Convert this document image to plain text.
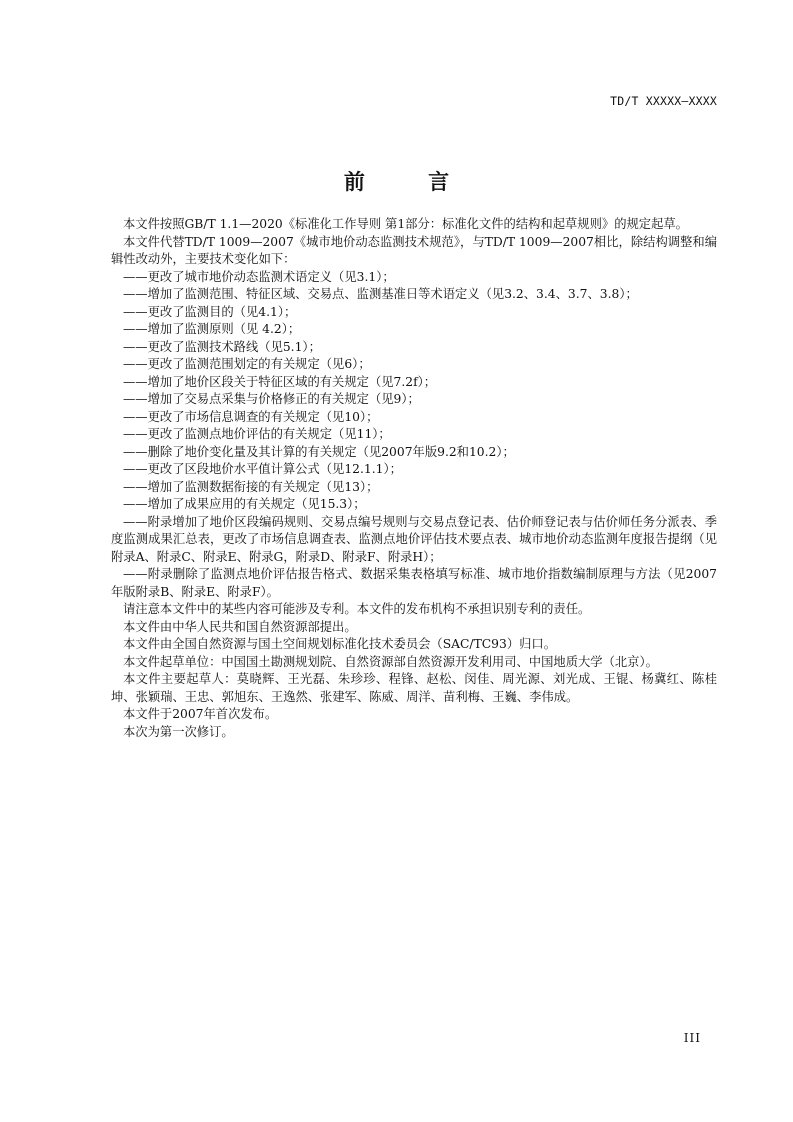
TD/T XXXXX—XXXX
前 言

本文件按照GB/T 1.1—2020《标准化工作导则 第1部分：标准化文件的结构和起草规则》的规定起草。

本文件代替TD/T 1009—2007《城市地价动态监测技术规范》，与TD/T 1009—2007相比，除结构调整和编辑性改动外，主要技术变化如下：

——更改了城市地价动态监测术语定义（见3.1）；

——增加了监测范围、特征区域、交易点、监测基准日等术语定义（见3.2、3.4、3.7、3.8）；

——更改了监测目的（见4.1）；

——增加了监测原则（见 4.2）；

——更改了监测技术路线（见5.1）；

——更改了监测范围划定的有关规定（见6）；

——增加了地价区段关于特征区域的有关规定（见7.2f）；

——增加了交易点采集与价格修正的有关规定（见9）；

——更改了市场信息调查的有关规定（见10）；

——更改了监测点地价评估的有关规定（见11）；

——删除了地价变化量及其计算的有关规定（见2007年版9.2和10.2）；

——更改了区段地价水平值计算公式（见12.1.1）；

——增加了监测数据衔接的有关规定（见13）；

——增加了成果应用的有关规定（见15.3）；

——附录增加了地价区段编码规则、交易点编号规则与交易点登记表、估价师登记表与估价师任务分派表、季度监测成果汇总表，更改了市场信息调查表、监测点地价评估技术要点表、城市地价动态监测年度报告提纲（见附录A、附录C、附录E、附录G，附录D、附录F、附录H）；

——附录删除了监测点地价评估报告格式、数据采集表格填写标准、城市地价指数编制原理与方法（见2007年版附录B、附录E、附录F）。

请注意本文件中的某些内容可能涉及专利。本文件的发布机构不承担识别专利的责任。

本文件由中华人民共和国自然资源部提出。

本文件由全国自然资源与国土空间规划标准化技术委员会（SAC/TC93）归口。

本文件起草单位：中国国土勘测规划院、自然资源部自然资源开发利用司、中国地质大学（北京）。

本文件主要起草人：莫晓辉、王光磊、朱珍珍、程锋、赵松、闵佳、周光源、刘光成、王锟、杨冀红、陈桂坤、张颖瑞、王忠、郭旭东、王逸然、张建军、陈威、周洋、苗利梅、王巍、李伟成。

本文件于2007年首次发布。

本次为第一次修订。

III
